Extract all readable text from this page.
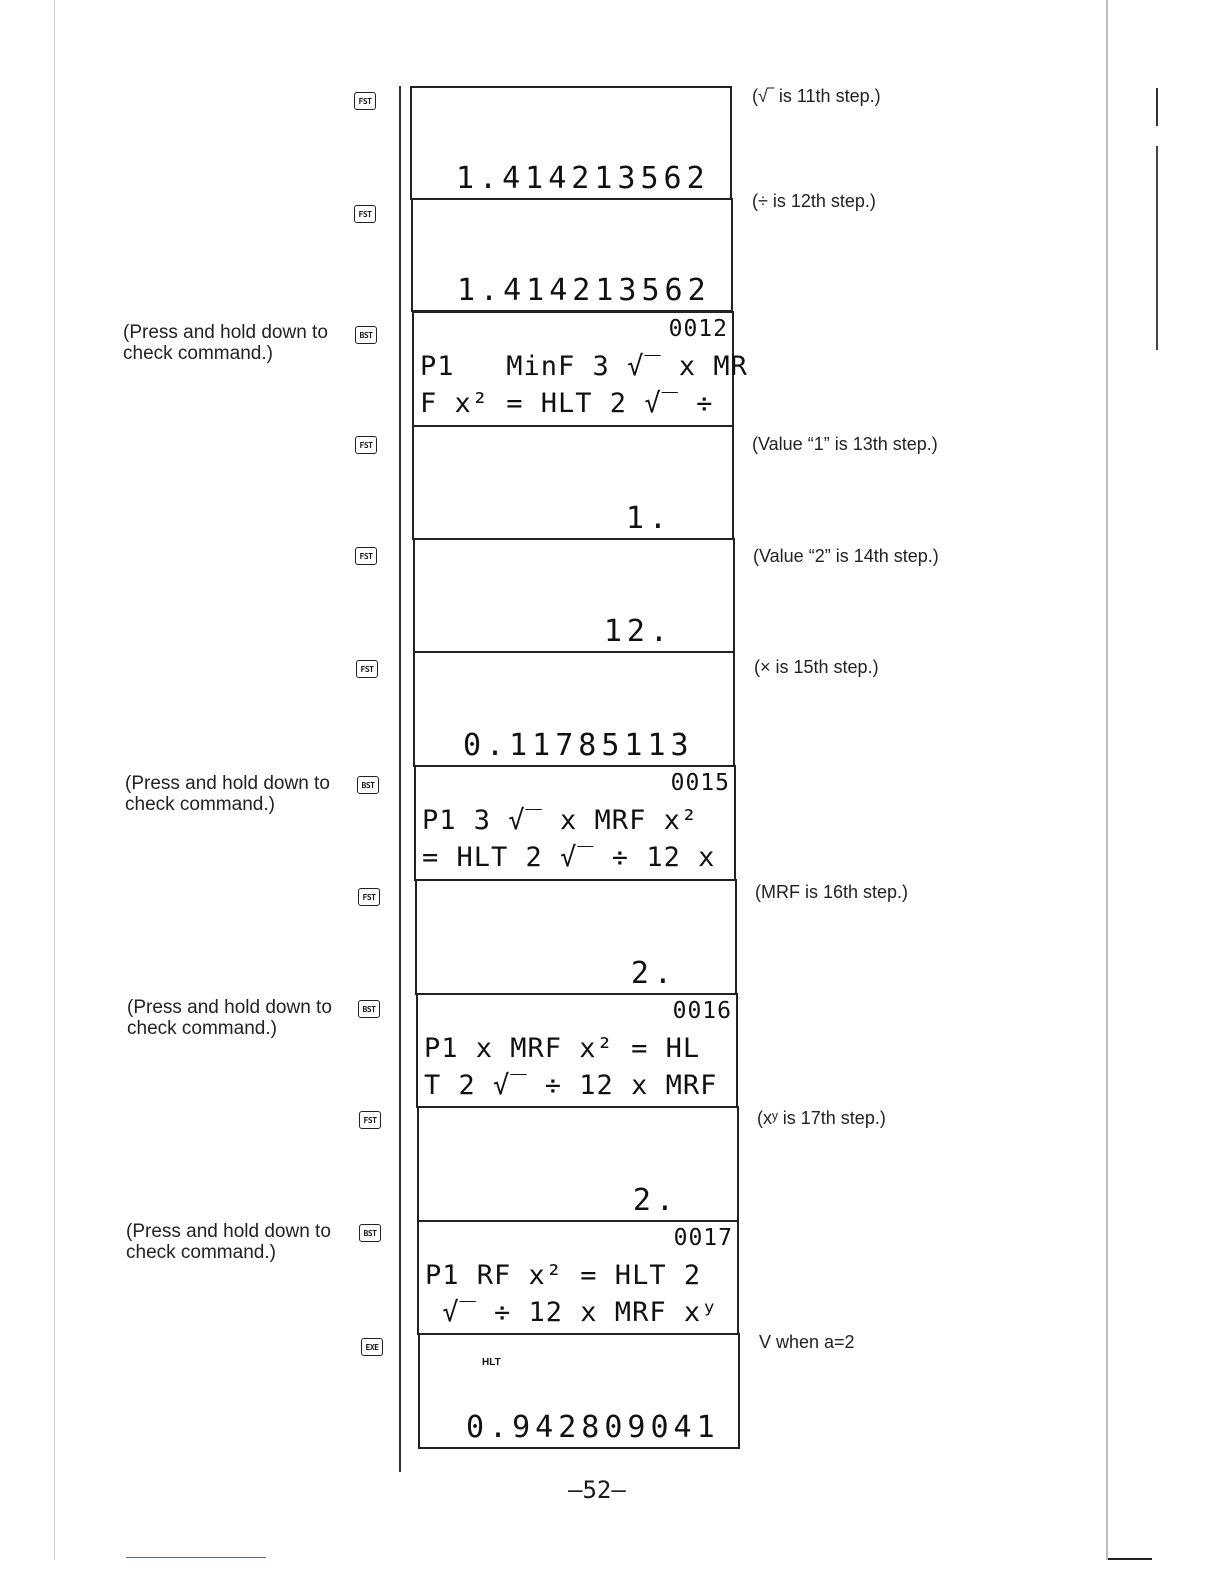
FST
1.414213562
(√‾ is 11th step.)
FST
1.414213562
(÷ is 12th step.)
(Press and hold down to check command.)
BST	0012
P1   MinF 3 √‾ x MR
F x² = HLT 2 √‾ ÷
FST
1.
(Value “1” is 13th step.)
FST
12.
(Value “2” is 14th step.)
FST
0.11785113
(× is 15th step.)
(Press and hold down to check command.)
BST	0015
P1 3 √‾ x MRF x²
= HLT 2 √‾ ÷ 12 x
FST
2.
(MRF is 16th step.)
(Press and hold down to check command.)
BST	0016
P1 x MRF x² = HL
T 2 √‾ ÷ 12 x MRF
FST
2.
(xʸ is 17th step.)
(Press and hold down to check command.)
BST	0017
P1 RF x² = HLT 2
√‾ ÷ 12 x MRF xʸ
EXE
HLT
0.942809041
V when a=2
—52—
